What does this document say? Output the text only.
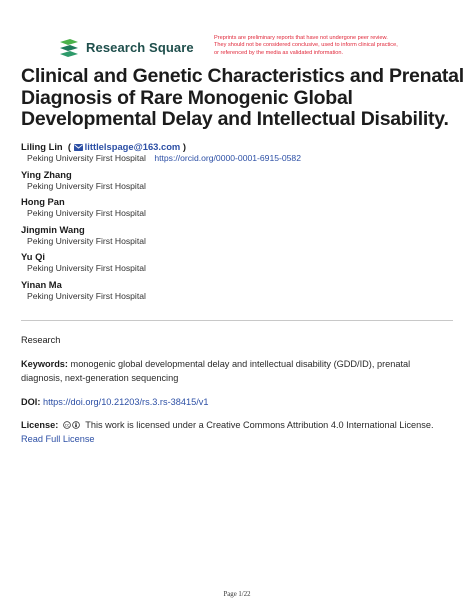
Research Square
Preprints are preliminary reports that have not undergone peer review.
They should not be considered conclusive, used to inform clinical practice,
or referenced by the media as validated information.
Clinical and Genetic Characteristics and Prenatal Diagnosis of Rare Monogenic Global Developmental Delay and Intellectual Disability.
Liling Lin  ( littlelspage@163.com )
Peking University First Hospital https://orcid.org/0000-0001-6915-0582
Ying Zhang
Peking University First Hospital
Hong Pan
Peking University First Hospital
Jingmin Wang
Peking University First Hospital
Yu Qi
Peking University First Hospital
Yinan Ma
Peking University First Hospital
Research
Keywords: monogenic global developmental delay and intellectual disability (GDD/ID), prenatal diagnosis, next-generation sequencing
DOI: https://doi.org/10.21203/rs.3.rs-38415/v1
License: cc This work is licensed under a Creative Commons Attribution 4.0 International License.
Read Full License
Page 1/22
